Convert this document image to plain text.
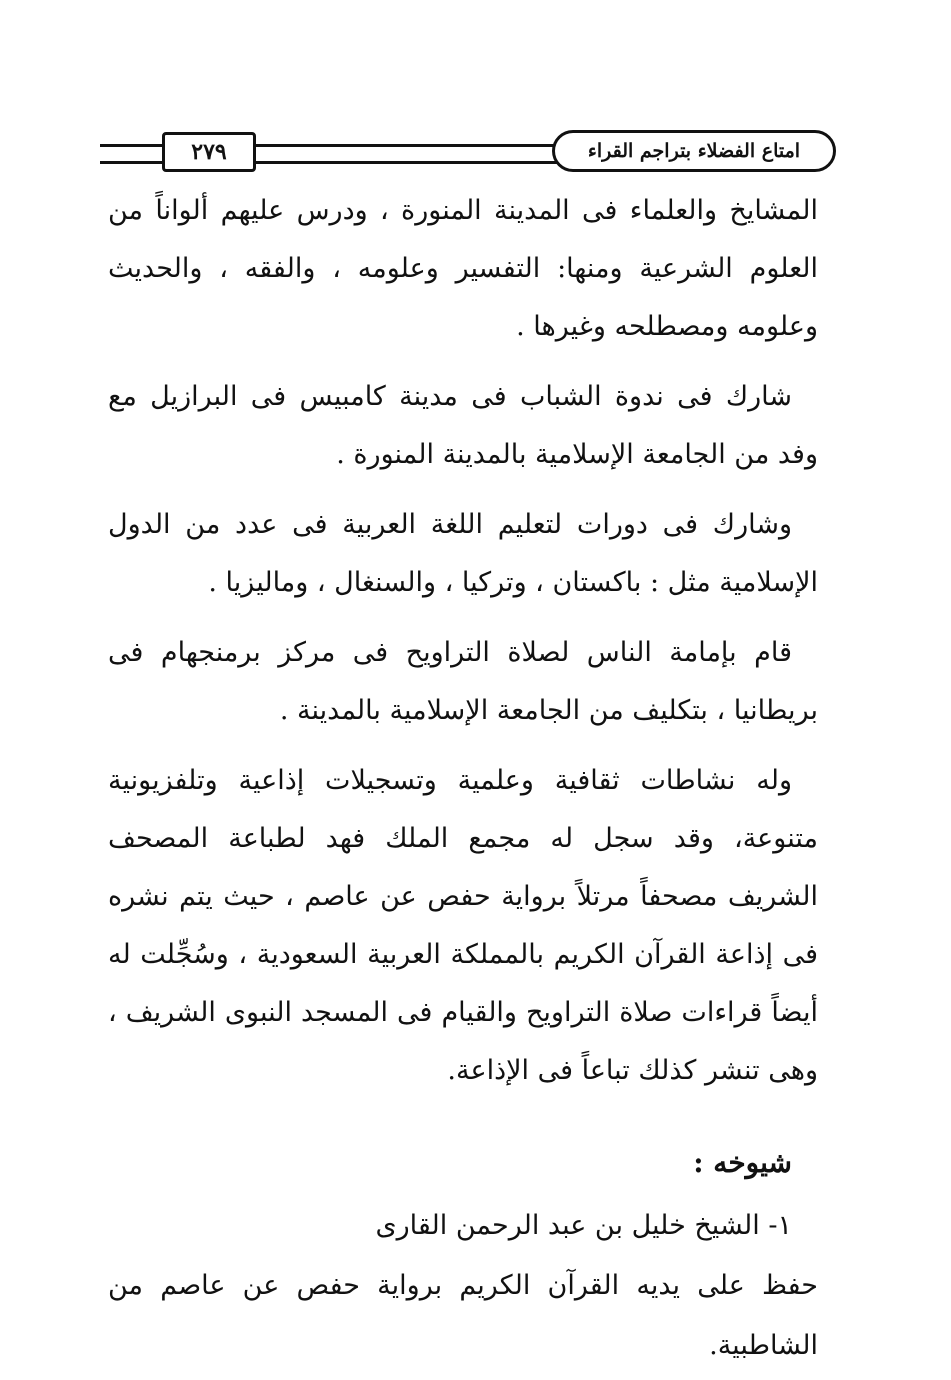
٢٧٩	امتاع الفضلاء بتراجم القراء

المشايخ والعلماء فى المدينة المنورة ، ودرس عليهم ألواناً من العلوم الشرعية ومنها: التفسير وعلومه ، والفقه ، والحديث وعلومه ومصطلحه وغيرها .

شارك فى ندوة الشباب فى مدينة كامبيس فى البرازيل مع وفد من الجامعة الإسلامية بالمدينة المنورة .

وشارك فى دورات لتعليم اللغة العربية فى عدد من الدول الإسلامية مثل : باكستان ، وتركيا ، والسنغال ، وماليزيا .

قام بإمامة الناس لصلاة التراويح فى مركز برمنجهام فى بريطانيا ، بتكليف من الجامعة الإسلامية بالمدينة .

وله نشاطات ثقافية وعلمية وتسجيلات إذاعية وتلفزيونية متنوعة، وقد سجل له مجمع الملك فهد لطباعة المصحف الشريف مصحفاً مرتلاً برواية حفص عن عاصم ، حيث يتم نشره فى إذاعة القرآن الكريم بالمملكة العربية السعودية ، وسُجِّلت له أيضاً قراءات صلاة التراويح والقيام فى المسجد النبوى الشريف ، وهى تنشر كذلك تباعاً فى الإذاعة.

شيوخه :
١- الشيخ خليل بن عبد الرحمن القارى
حفظ على يديه القرآن الكريم برواية حفص عن عاصم من الشاطبية.
